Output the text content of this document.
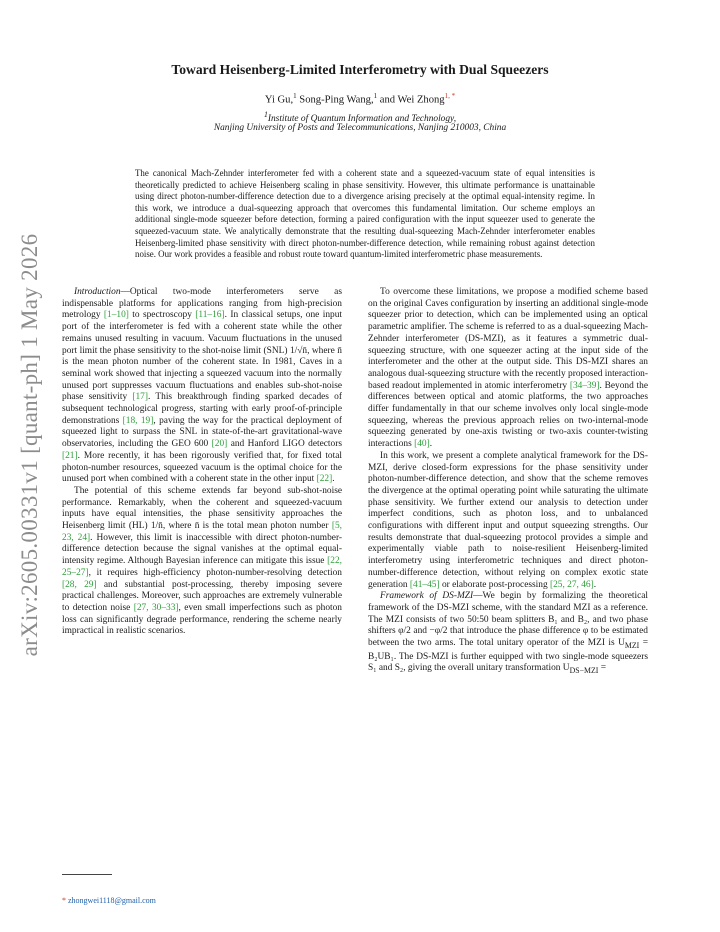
arXiv:2605.00331v1 [quant-ph] 1 May 2026
Toward Heisenberg-Limited Interferometry with Dual Squeezers
Yi Gu,$^1$ Song-Ping Wang,$^1$ and Wei Zhong$^{1, *}$
$^1$Institute of Quantum Information and Technology,
Nanjing University of Posts and Telecommunications, Nanjing 210003, China
The canonical Mach-Zehnder interferometer fed with a coherent state and a squeezed-vacuum state of equal intensities is theoretically predicted to achieve Heisenberg scaling in phase sensitivity. However, this ultimate performance is unattainable using direct photon-number-difference detection due to a divergence arising precisely at the optimal equal-intensity regime. In this work, we introduce a dual-squeezing approach that overcomes this fundamental limitation. Our scheme employs an additional single-mode squeezer before detection, forming a paired configuration with the input squeezer used to generate the squeezed-vacuum state. We analytically demonstrate that the resulting dual-squeezing Mach-Zehnder interferometer enables Heisenberg-limited phase sensitivity with direct photon-number-difference detection, while remaining robust against detection noise. Our work provides a feasible and robust route toward quantum-limited interferometric phase measurements.

Introduction—Optical two-mode interferometers serve as indispensable platforms for applications ranging from high-precision metrology [1–10] to spectroscopy [11–16]. In classical setups, one input port of the interferometer is fed with a coherent state while the other remains unused resulting in vacuum. Vacuum fluctuations in the unused port limit the phase sensitivity to the shot-noise limit (SNL) 1/√n̄, where n̄ is the mean photon number of the coherent state. In 1981, Caves in a seminal work showed that injecting a squeezed vacuum into the normally unused port suppresses vacuum fluctuations and enables sub-shot-noise phase sensitivity [17]. This breakthrough finding sparked decades of subsequent technological progress, starting with early proof-of-principle demonstrations [18, 19], paving the way for the practical deployment of squeezed light to surpass the SNL in state-of-the-art gravitational-wave observatories, including the GEO 600 [20] and Hanford LIGO detectors [21]. More recently, it has been rigorously verified that, for fixed total photon-number resources, squeezed vacuum is the optimal choice for the unused port when combined with a coherent state in the other input [22].

The potential of this scheme extends far beyond sub-shot-noise performance. Remarkably, when the coherent and squeezed-vacuum inputs have equal intensities, the phase sensitivity approaches the Heisenberg limit (HL) 1/n̄, where n̄ is the total mean photon number [5, 23, 24]. However, this limit is inaccessible with direct photon-number-difference detection because the signal vanishes at the optimal equal-intensity regime. Although Bayesian inference can mitigate this issue [22, 25–27], it requires high-efficiency photon-number-resolving detection [28, 29] and substantial post-processing, thereby imposing severe practical challenges. Moreover, such approaches are extremely vulnerable to detection noise [27, 30–33], even small imperfections such as photon loss can significantly degrade performance, rendering the scheme nearly impractical in realistic scenarios.

To overcome these limitations, we propose a modified scheme based on the original Caves configuration by inserting an additional single-mode squeezer prior to detection, which can be implemented using an optical parametric amplifier. The scheme is referred to as a dual-squeezing Mach-Zehnder interferometer (DS-MZI), as it features a symmetric dual-squeezing structure, with one squeezer acting at the input side of the interferometer and the other at the output side. This DS-MZI shares an analogous dual-squeezing structure with the recently proposed interaction-based readout implemented in atomic interferometry [34–39]. Beyond the differences between optical and atomic platforms, the two approaches differ fundamentally in that our scheme involves only local single-mode squeezing, whereas the previous approach relies on two-internal-mode squeezing generated by one-axis twisting or two-axis counter-twisting interactions [40].

In this work, we present a complete analytical framework for the DS-MZI, derive closed-form expressions for the phase sensitivity under photon-number-difference detection, and show that the scheme removes the divergence at the optimal operating point while saturating the ultimate phase sensitivity. We further extend our analysis to detection under imperfect conditions, such as photon loss, and to unbalanced configurations with different input and output squeezing strengths. Our results demonstrate that dual-squeezing protocol provides a simple and experimentally viable path to noise-resilient Heisenberg-limited interferometry using interferometric techniques and direct photon-number-difference detection, without relying on complex exotic state generation [41–45] or elaborate post-processing [25, 27, 46].

Framework of DS-MZI—We begin by formalizing the theoretical framework of the DS-MZI scheme, with the standard MZI as a reference. The MZI consists of two 50:50 beam splitters B₁ and B₂, and two phase shifters φ/2 and −φ/2 that introduce the phase difference φ to be estimated between the two arms. The total unitary operator of the MZI is $U_{MZI} = B_2UB_1$. The DS-MZI is further equipped with two single-mode squeezers S₁ and S₂, giving the overall unitary transformation $U_{DS-MZI}$ =

* zhongwei1118@gmail.com
